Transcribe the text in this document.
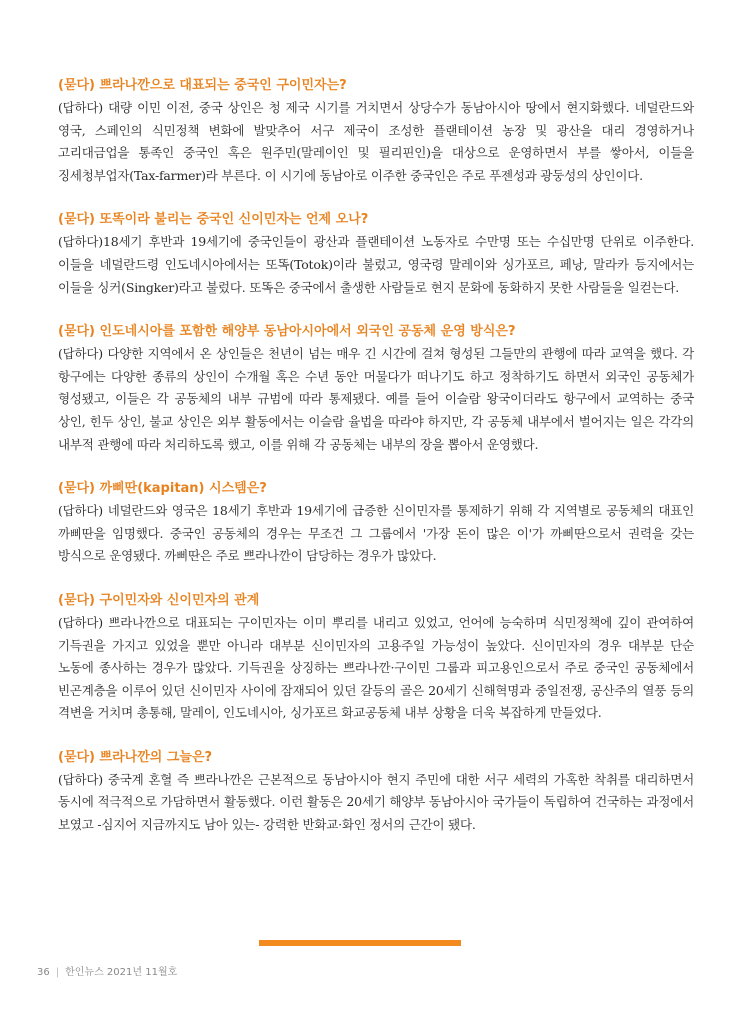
(묻다) 쁘라나깐으로 대표되는 중국인 구이민자는?

(답하다) 대량 이민 이전, 중국 상인은 청 제국 시기를 거치면서 상당수가 동남아시아 땅에서 현지화했다. 네덜란드와 영국, 스페인의 식민정책 변화에 발맞추어 서구 제국이 조성한 플랜테이션 농장 및 광산을 대리 경영하거나 고리대금업을 통족인 중국인 혹은 원주민(말레이인 및 필리핀인)을 대상으로 운영하면서 부를 쌓아서, 이들을 징세청부업자(Tax-farmer)라 부른다. 이 시기에 동남아로 이주한 중국인은 주로 푸젠성과 광둥성의 상인이다.

(묻다) 또똑이라 불리는 중국인 신이민자는 언제 오나?

(답하다)18세기 후반과 19세기에 중국인들이 광산과 플랜테이션 노동자로 수만명 또는 수십만명 단위로 이주한다. 이들을 네덜란드령 인도네시아에서는 또똑(Totok)이라 불렀고, 영국령 말레이와 싱가포르, 페낭, 말라카 등지에서는 이들을 싱커(Singker)라고 불렀다. 또똑은 중국에서 출생한 사람들로 현지 문화에 동화하지 못한 사람들을 일컫는다.

(묻다) 인도네시아를 포함한 해양부 동남아시아에서 외국인 공동체 운영 방식은?

(답하다) 다양한 지역에서 온 상인들은 천년이 넘는 매우 긴 시간에 걸쳐 형성된 그들만의 관행에 따라 교역을 했다. 각 항구에는 다양한 종류의 상인이 수개월 혹은 수년 동안 머물다가 떠나기도 하고 정착하기도 하면서 외국인 공동체가 형성됐고, 이들은 각 공동체의 내부 규범에 따라 통제됐다. 예를 들어 이슬람 왕국이더라도 항구에서 교역하는 중국 상인, 힌두 상인, 불교 상인은 외부 활동에서는 이슬람 율법을 따라야 하지만, 각 공동체 내부에서 벌어지는 일은 각각의 내부적 관행에 따라 처리하도록 했고, 이를 위해 각 공동체는 내부의 장을 뽑아서 운영했다.

(묻다) 까삐딴(kapitan) 시스템은?

(답하다) 네덜란드와 영국은 18세기 후반과 19세기에 급증한 신이민자를 통제하기 위해 각 지역별로 공동체의 대표인 까삐딴을 임명했다. 중국인 공동체의 경우는 무조건 그 그룹에서 '가장 돈이 많은 이'가 까삐딴으로서 권력을 갖는 방식으로 운영됐다. 까삐딴은 주로 쁘라나깐이 담당하는 경우가 많았다.

(묻다) 구이민자와 신이민자의 관계

(답하다) 쁘라나깐으로 대표되는 구이민자는 이미 뿌리를 내리고 있었고, 언어에 능숙하며 식민정책에 깊이 관여하여 기득권을 가지고 있었을 뿐만 아니라 대부분 신이민자의 고용주일 가능성이 높았다. 신이민자의 경우 대부분 단순 노동에 종사하는 경우가 많았다. 기득권을 상징하는 쁘라나깐·구이민 그룹과 피고용인으로서 주로 중국인 공동체에서 빈곤계층을 이루어 있던 신이민자 사이에 잠재되어 있던 갈등의 골은 20세기 신해혁명과 중일전쟁, 공산주의 열풍 등의 격변을 거치며 총통해, 말레이, 인도네시아, 싱가포르 화교공동체 내부 상황을 더욱 복잡하게 만들었다.

(묻다) 쁘라나깐의 그늘은?

(답하다) 중국계 혼혈 즉 쁘라나깐은 근본적으로 동남아시아 현지 주민에 대한 서구 세력의 가혹한 착취를 대리하면서 동시에 적극적으로 가담하면서 활동했다. 이런 활동은 20세기 해양부 동남아시아 국가들이 독립하여 건국하는 과정에서 보였고 -심지어 지금까지도 남아 있는- 강력한 반화교·화인 정서의 근간이 됐다.

36 | 한인뉴스 2021년 11월호
